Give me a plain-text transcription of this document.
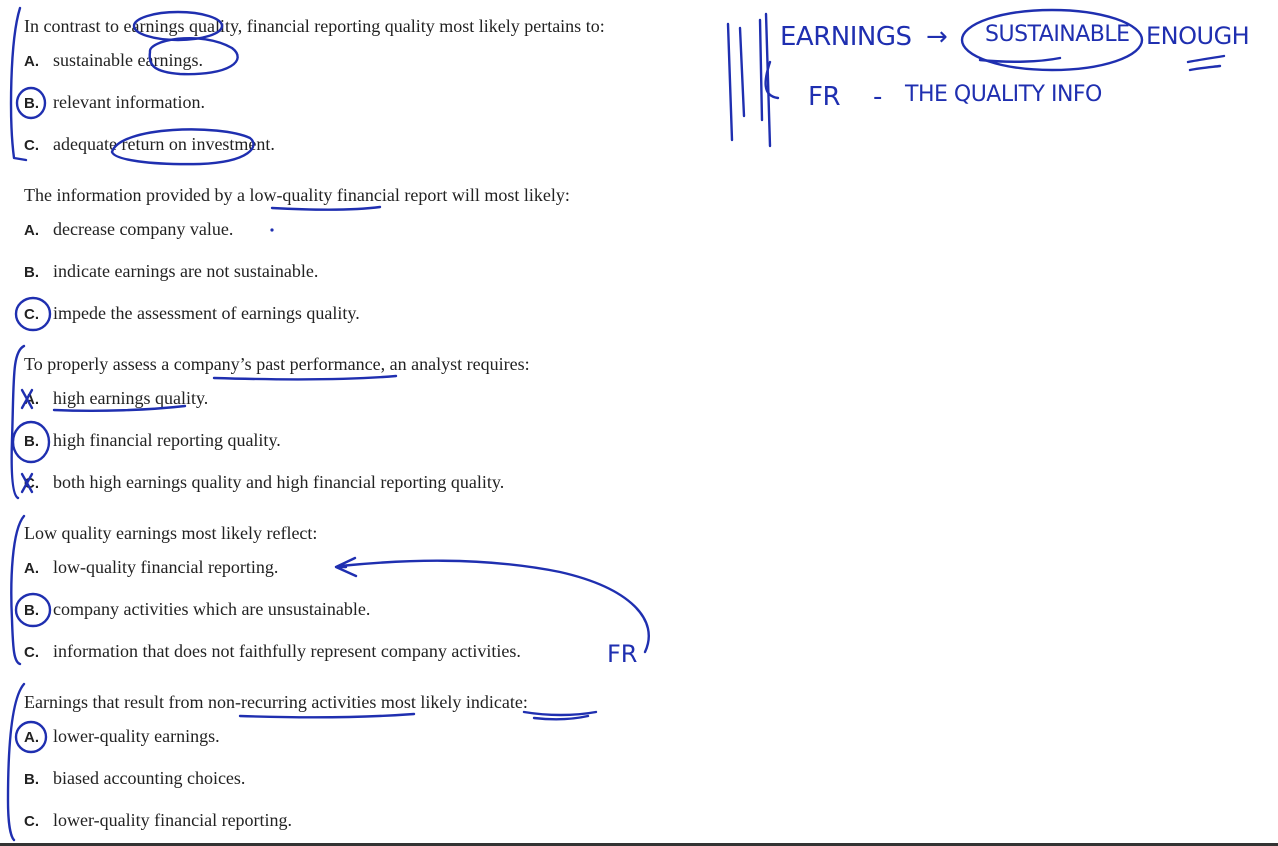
In contrast to earnings quality, financial reporting quality most likely pertains to:
A. sustainable earnings.
B. relevant information.
C. adequate return on investment.
The information provided by a low-quality financial report will most likely:
A. decrease company value.
B. indicate earnings are not sustainable.
C. impede the assessment of earnings quality.
To properly assess a company’s past performance, an analyst requires:
A. high earnings quality.
B. high financial reporting quality.
C. both high earnings quality and high financial reporting quality.
Low quality earnings most likely reflect:
A. low-quality financial reporting.
B. company activities which are unsustainable.
C. information that does not faithfully represent company activities.
Earnings that result from non-recurring activities most likely indicate:
A. lower-quality earnings.
B. biased accounting choices.
C. lower-quality financial reporting.
EARNINGS → SUSTAINABLE ENOUGH
FR - THE QUALITY INFO
FR
